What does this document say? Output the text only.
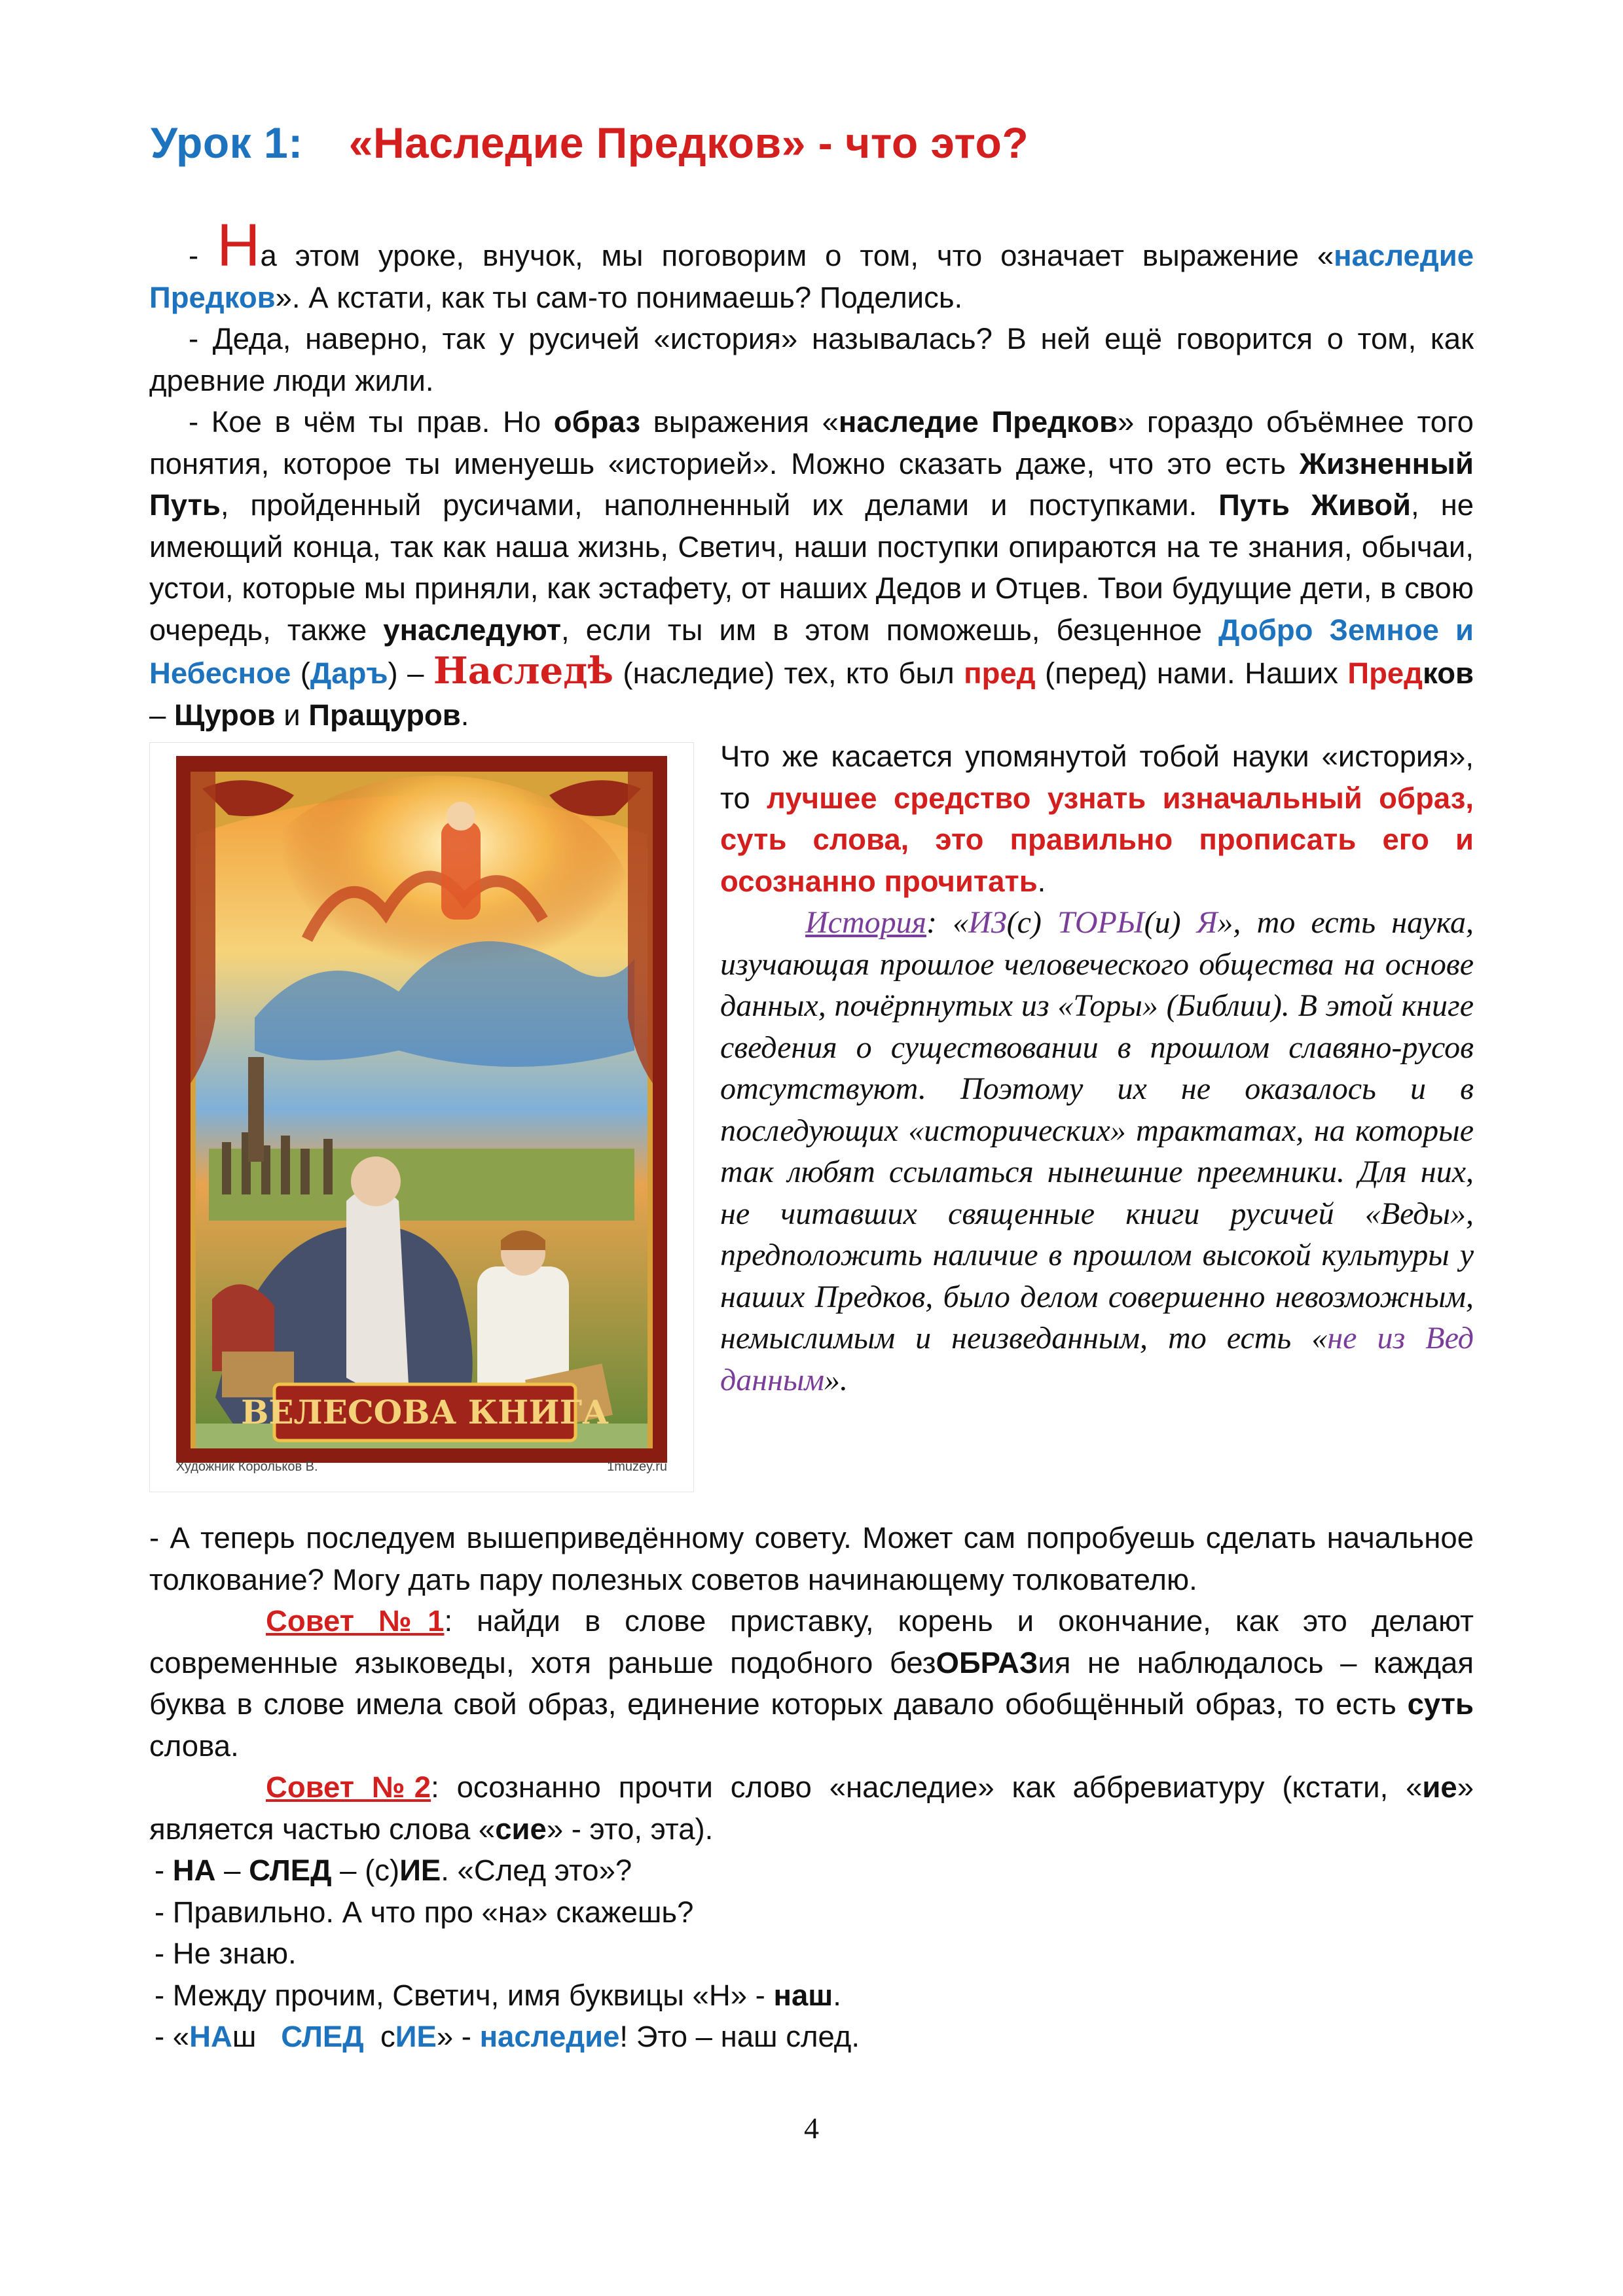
Урок 1: «Наследие Предков» - что это?

- На этом уроке, внучок, мы поговорим о том, что означает выражение «наследие Предков». А кстати, как ты сам-то понимаешь? Поделись.

- Деда, наверно, так у русичей «история» называлась? В ней ещё говорится о том, как древние люди жили.

- Кое в чём ты прав. Но образ выражения «наследие Предков» гораздо объёмнее того понятия, которое ты именуешь «историей». Можно сказать даже, что это есть Жизненный Путь, пройденный русичами, наполненный их делами и поступками. Путь Живой, не имеющий конца, так как наша жизнь, Светич, наши поступки опираются на те знания, обычаи, устои, которые мы приняли, как эстафету, от наших Дедов и Отцев. Твои будущие дети, в свою очередь, также унаследуют, если ты им в этом поможешь, безценное Добро Земное и Небесное (Даръ) – Наследѣ (наследие) тех, кто был пред (перед) нами. Наших Предков – Щуров и Пращуров.

ВЕЛЕСОВА КНИГА
Художник Корольков В.	1muzey.ru

Что же касается упомянутой тобой науки «история», то лучшее средство узнать изначальный образ, суть слова, это правильно прописать его и осознанно прочитать.

История: «ИЗ(с) ТОРЫ(и) Я», то есть наука, изучающая прошлое человеческого общества на основе данных, почёрпнутых из «Торы» (Библии). В этой книге сведения о существовании в прошлом славяно-русов отсутствуют. Поэтому их не оказалось и в последующих «исторических» трактатах, на которые так любят ссылаться нынешние преемники. Для них, не читавших священные книги русичей «Веды», предположить наличие в прошлом высокой культуры у наших Предков, было делом совершенно невозможным, немыслимым и неизведанным, то есть «не из Вед данным».

- А теперь последуем вышеприведённому совету. Может сам попробуешь сделать начальное толкование? Могу дать пару полезных советов начинающему толкователю.

Совет №1: найди в слове приставку, корень и окончание, как это делают современные языковеды, хотя раньше подобного безОБРАЗия не наблюдалось – каждая буква в слове имела свой образ, единение которых давало обобщённый образ, то есть суть слова.

Совет №2: осознанно прочти слово «наследие» как аббревиатуру (кстати, «ие» является частью слова «сие» - это, эта).

- НА – СЛЕД – (с)ИЕ. «След это»?

- Правильно. А что про «на» скажешь?

- Не знаю.

- Между прочим, Светич, имя буквицы «Н» - наш.

- «НАш СЛЕД сИЕ» - наследие! Это – наш след.

4
